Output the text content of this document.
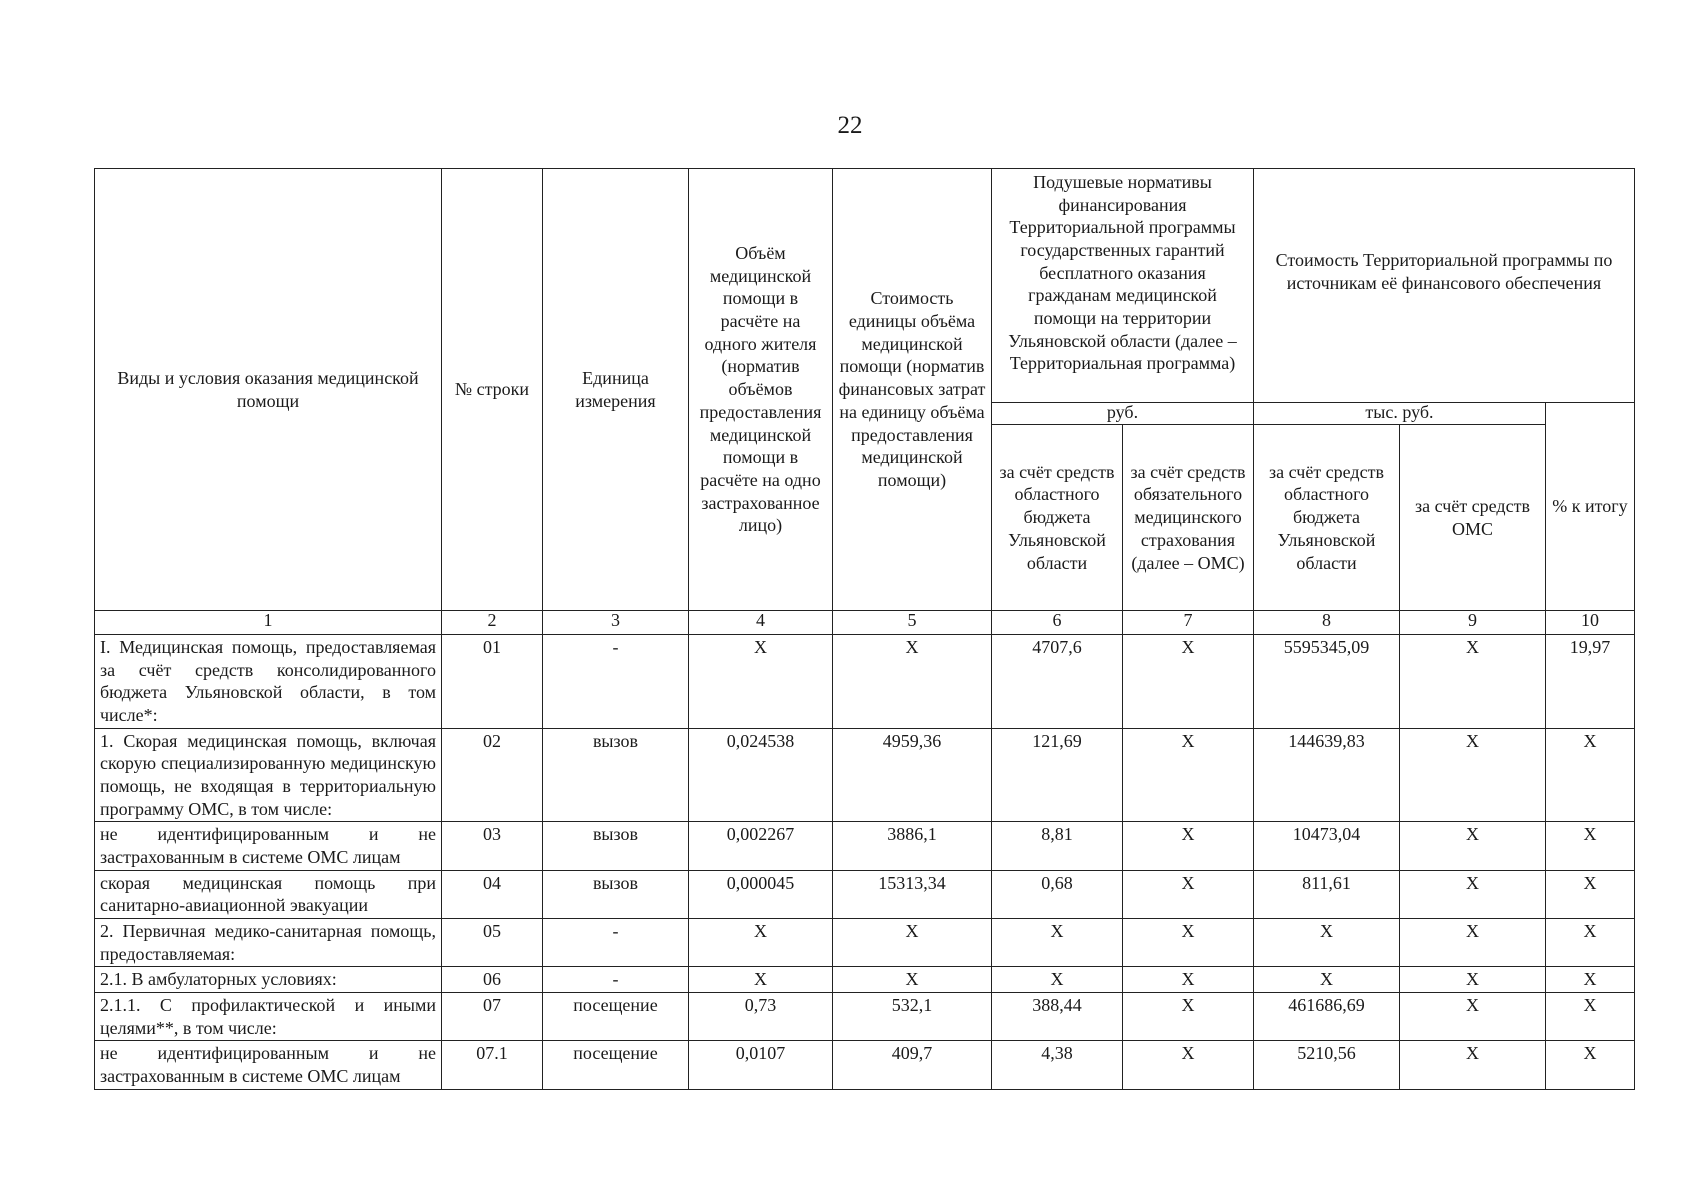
22
Виды и условия оказания медицинской помощи	№ строки	Единица измерения	Объём медицинской помощи в расчёте на одного жителя (норматив объёмов предоставления медицинской помощи в расчёте на одно застрахованное лицо)	Стоимость единицы объёма медицинской помощи (норматив финансовых затрат на единицу объёма предоставления медицинской помощи)	Подушевые нормативы финансирования Территориальной программы государственных гарантий бесплатного оказания гражданам медицинской помощи на территории Ульяновской области (далее – Территориальная программа)		Стоимость Территориальной программы по источникам её финансового обеспечения		
					руб.		тыс. руб.		% к итогу
					за счёт средств областного бюджета Ульяновской области	за счёт средств обязательного медицинского страхования (далее – ОМС)	за счёт средств областного бюджета Ульяновской области	за счёт средств ОМС	
1	2	3	4	5	6	7	8	9	10
I. Медицинская помощь, предоставляемая за счёт средств консолидированного бюджета Ульяновской области, в том числе*:	01	-	X	X	4707,6	X	5595345,09	X	19,97
1. Скорая медицинская помощь, включая скорую специализированную медицинскую помощь, не входящая в территориальную программу ОМС, в том числе:	02	вызов	0,024538	4959,36	121,69	X	144639,83	X	X
не идентифицированным и не застрахованным в системе ОМС лицам	03	вызов	0,002267	3886,1	8,81	X	10473,04	X	X
скорая медицинская помощь при санитарно-авиационной эвакуации	04	вызов	0,000045	15313,34	0,68	X	811,61	X	X
2. Первичная медико-санитарная помощь, предоставляемая:	05	-	X	X	X	X	X	X	X
2.1. В амбулаторных условиях:	06	-	X	X	X	X	X	X	X
2.1.1. С профилактической и иными целями**, в том числе:	07	посещение	0,73	532,1	388,44	X	461686,69	X	X
не идентифицированным и не застрахованным в системе ОМС лицам	07.1	посещение	0,0107	409,7	4,38	X	5210,56	X	X
